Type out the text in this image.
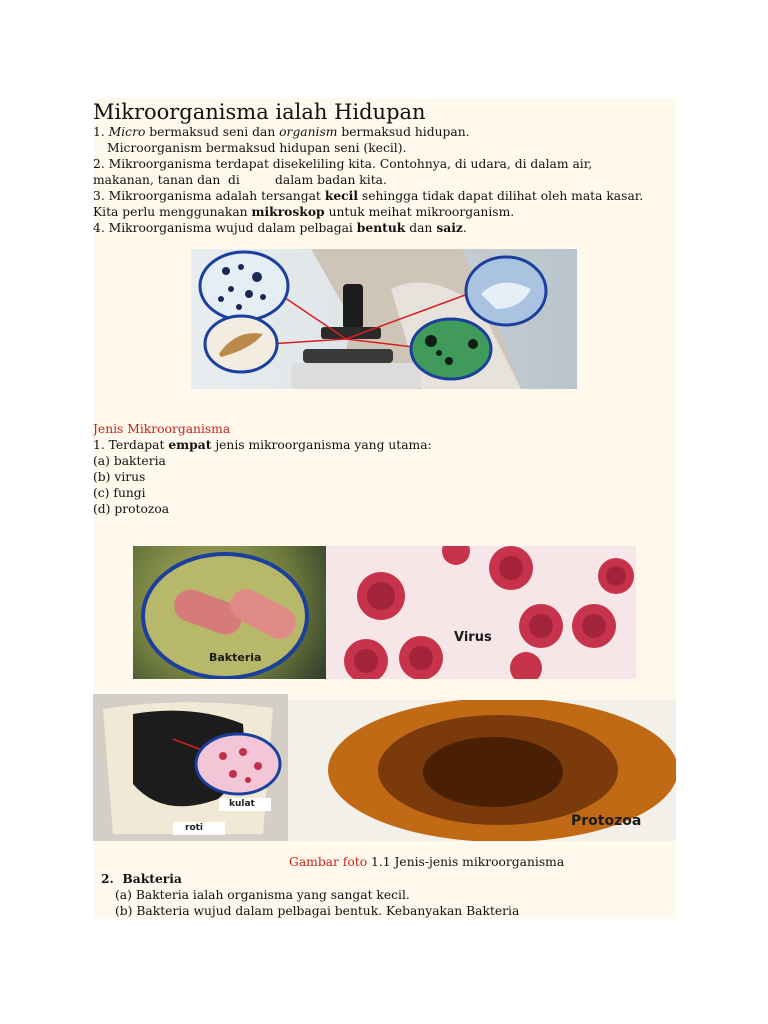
Mikroorganisma ialah Hidupan
1. Micro bermaksud seni dan organism bermaksud hidupan.
Microorganism bermaksud hidupan seni (kecil).
2. Mikroorganisma terdapat disekeliling kita. Contohnya, di udara, di dalam air,
makanan, tanan dan  di         dalam badan kita.
3. Mikroorganisma adalah tersangat kecil sehingga tidak dapat dilihat oleh mata kasar.
Kita perlu menggunakan mikroskop untuk meihat mikroorganism.
4. Mikroorganisma wujud dalam pelbagai bentuk dan saiz.
Jenis Mikroorganisma
1. Terdapat empat jenis mikroorganisma yang utama:
(a) bakteria
(b) virus
(c) fungi
(d) protozoa
Bakteria
Virus
kulat
roti	Protozoa
Gambar foto 1.1 Jenis-jenis mikroorganisma
2.  Bakteria
(a) Bakteria ialah organisma yang sangat kecil.
(b) Bakteria wujud dalam pelbagai bentuk. Kebanyakan Bakteria
